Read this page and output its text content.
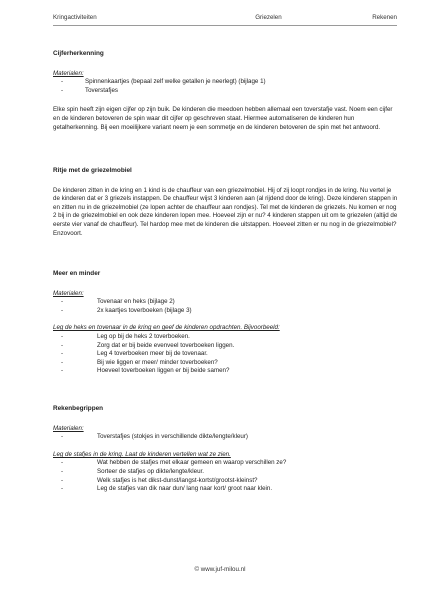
Kringactiviteiten	Griezelen	Rekenen

Cijferherkenning

Materialen:

-	Spinnenkaartjes (bepaal zelf welke getallen je neerlegt) (bijlage 1)
-	Toverstafjes

Elke spin heeft zijn eigen cijfer op zijn buik. De kinderen die meedoen hebben allemaal een toverstafje vast. Noem een cijfer en de kinderen betoveren de spin waar dit cijfer op geschreven staat. Hiermee automatiseren de kinderen hun getalherkenning. Bij een moeilijkere variant neem je een sommetje en de kinderen betoveren de spin met het antwoord.

Ritje met de griezelmobiel

De kinderen zitten in de kring en 1 kind is de chauffeur van een griezelmobiel. Hij of zij loopt rondjes in de kring. Nu vertel je de kinderen dat er 3 griezels instappen. De chauffeur wijst 3 kinderen aan (al rijdend door de kring). Deze kinderen stappen in en zitten nu in de griezelmobiel (ze lopen achter de chauffeur aan rondjes). Tel met de kinderen de griezels. Nu komen er nog 2 bij in de griezelmobiel en ook deze kinderen lopen mee. Hoeveel zijn er nu? 4 kinderen stappen uit om te griezelen (altijd de eerste vier vanaf de chauffeur). Tel hardop mee met de kinderen die uitstappen. Hoeveel zitten er nu nog in de griezelmobiel? Enzovoort.

Meer en minder

Materialen:

-	Tovenaar en heks (bijlage 2)
-	2x kaartjes toverboeken (bijlage 3)

Leg de heks en tovenaar in de kring en geef de kinderen opdrachten. Bijvoorbeeld:

-	Leg op bij de heks 2 toverboeken.
-	Zorg dat er bij beide evenveel toverboeken liggen.
-	Leg 4 toverboeken meer bij de tovenaar.
-	Bij wie liggen er meer/ minder toverboeken?
-	Hoeveel toverboeken liggen er bij beide samen?

Rekenbegrippen

Materialen:

-	Toverstafjes (stokjes in verschillende dikte/lengte/kleur)

Leg de stafjes in de kring. Laat de kinderen vertellen wat ze zien.

-	Wat hebben de stafjes met elkaar gemeen en waarop verschillen ze?
-	Sorteer de stafjes op dikte/lengte/kleur.
-	Welk stafjes is het dikst-dunst/langst-kortst/grootst-kleinst?
-	Leg de stafjes van dik naar dun/ lang naar kort/ groot naar klein.
© www.juf-milou.nl
